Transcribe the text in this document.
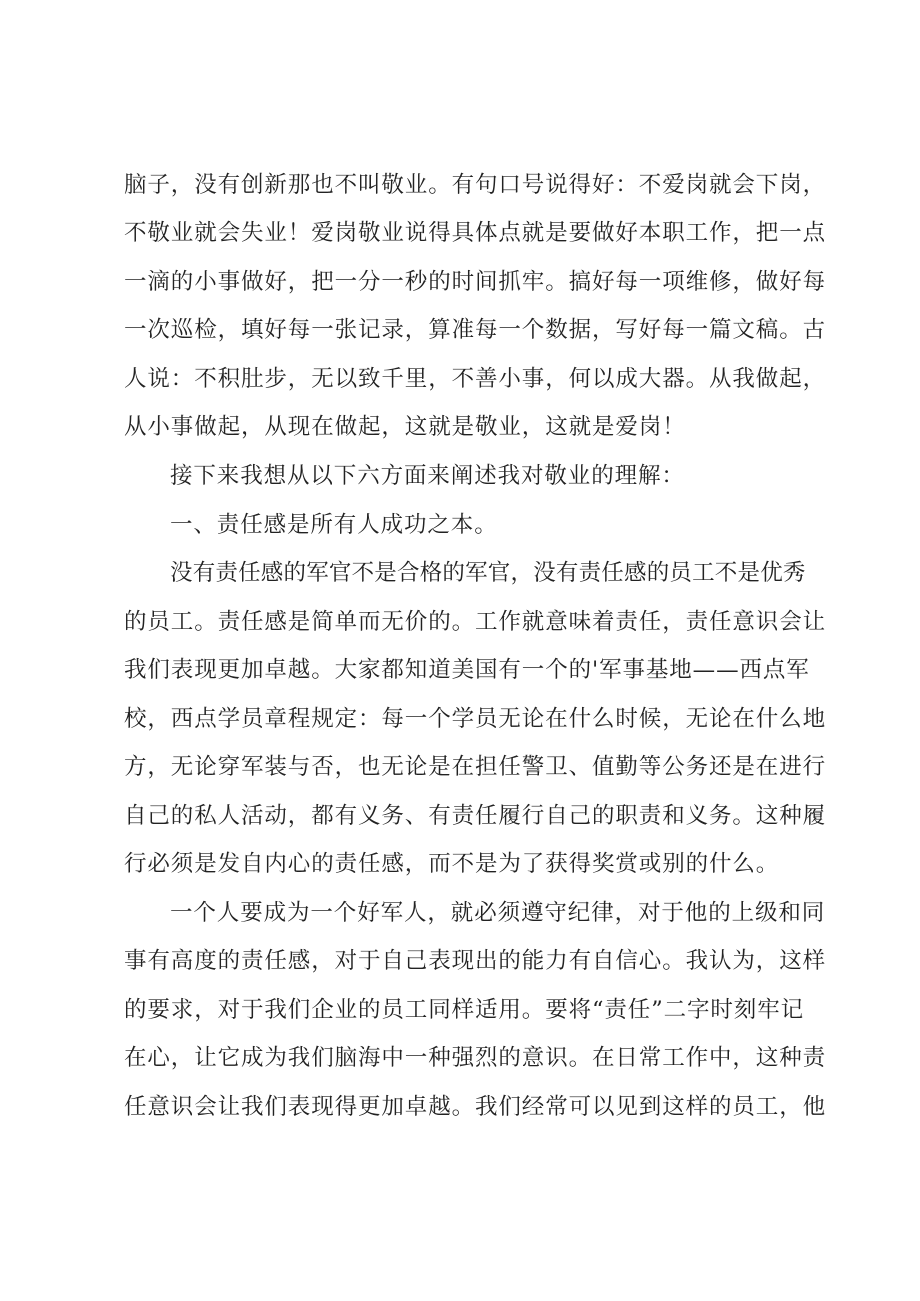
脑子，没有创新那也不叫敬业。有句口号说得好：不爱岗就会下岗，
不敬业就会失业！爱岗敬业说得具体点就是要做好本职工作，把一点
一滴的小事做好，把一分一秒的时间抓牢。搞好每一项维修，做好每
一次巡检，填好每一张记录，算准每一个数据，写好每一篇文稿。古
人说：不积肚步，无以致千里，不善小事，何以成大器。从我做起，
从小事做起，从现在做起，这就是敬业，这就是爱岗！
接下来我想从以下六方面来阐述我对敬业的理解：
一、责任感是所有人成功之本。
没有责任感的军官不是合格的军官，没有责任感的员工不是优秀
的员工。责任感是简单而无价的。工作就意味着责任，责任意识会让
我们表现更加卓越。大家都知道美国有一个的'军事基地——西点军
校，西点学员章程规定：每一个学员无论在什么时候，无论在什么地
方，无论穿军装与否，也无论是在担任警卫、值勤等公务还是在进行
自己的私人活动，都有义务、有责任履行自己的职责和义务。这种履
行必须是发自内心的责任感，而不是为了获得奖赏或别的什么。
一个人要成为一个好军人，就必须遵守纪律，对于他的上级和同
事有高度的责任感，对于自己表现出的能力有自信心。我认为，这样
的要求，对于我们企业的员工同样适用。要将“责任”二字时刻牢记
在心，让它成为我们脑海中一种强烈的意识。在日常工作中，这种责
任意识会让我们表现得更加卓越。我们经常可以见到这样的员工，他
